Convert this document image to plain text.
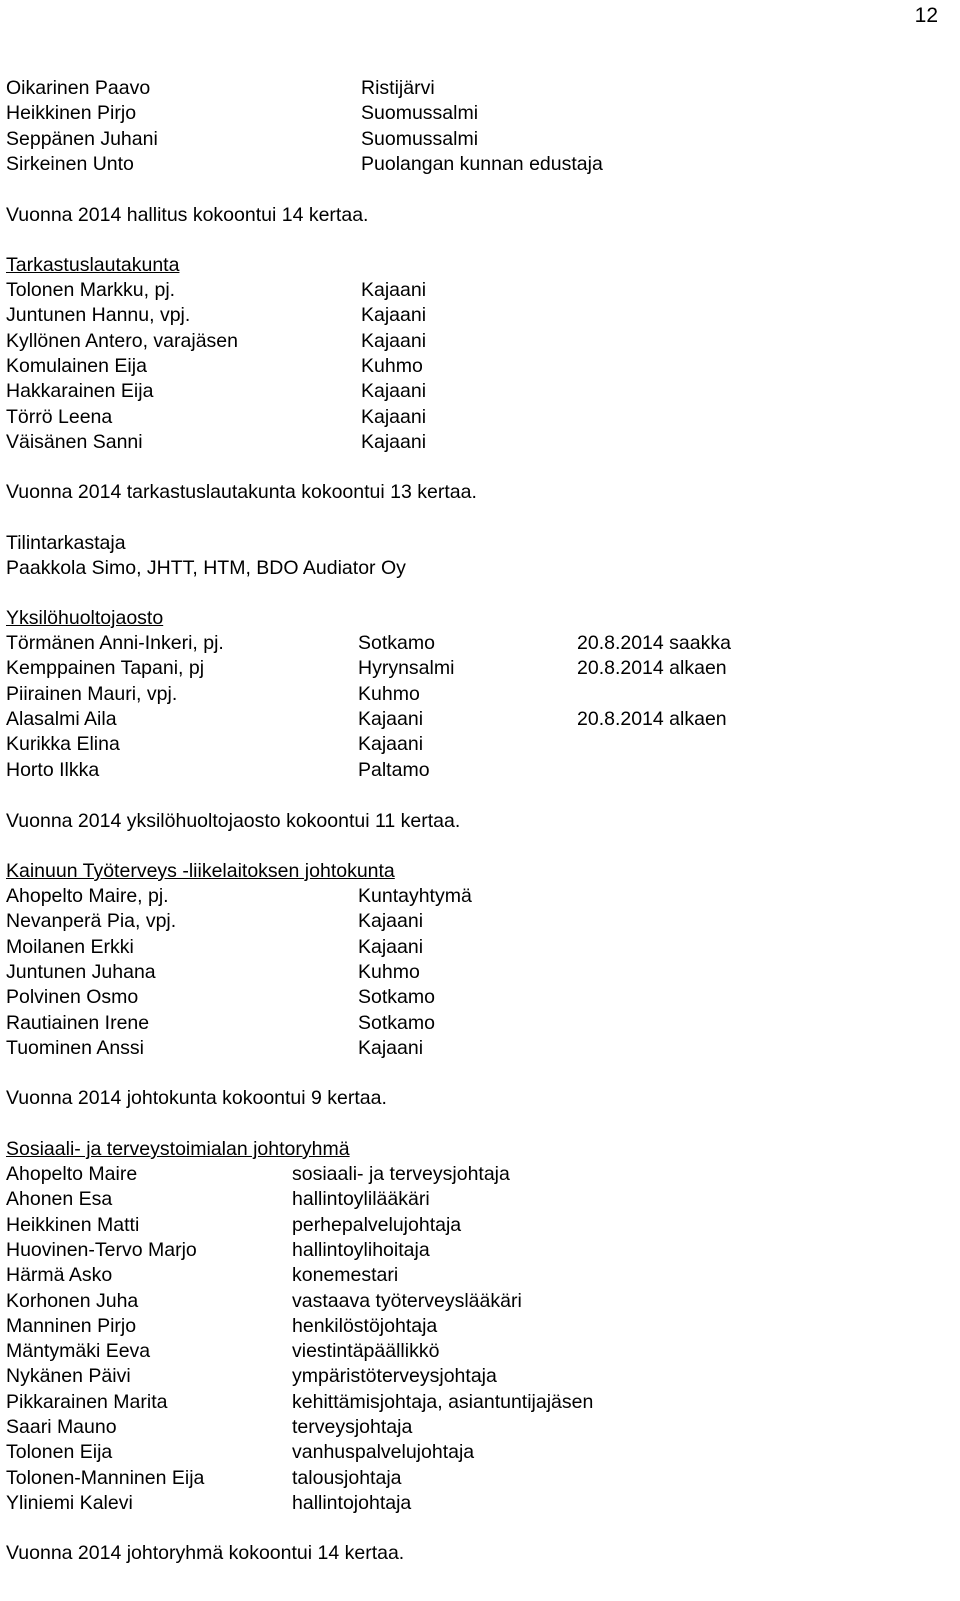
12
Oikarinen Paavo	Ristijärvi
Heikkinen Pirjo	Suomussalmi
Seppänen Juhani	Suomussalmi
Sirkeinen Unto	Puolangan kunnan edustaja
Vuonna 2014 hallitus kokoontui 14 kertaa.
Tarkastuslautakunta
Tolonen Markku, pj.	Kajaani
Juntunen Hannu, vpj.	Kajaani
Kyllönen Antero, varajäsen	Kajaani
Komulainen Eija	Kuhmo
Hakkarainen Eija	Kajaani
Törrö Leena	Kajaani
Väisänen Sanni	Kajaani
Vuonna 2014 tarkastuslautakunta kokoontui 13 kertaa.
Tilintarkastaja
Paakkola Simo, JHTT, HTM, BDO Audiator Oy
Yksilöhuoltojaosto
Törmänen Anni-Inkeri, pj.	Sotkamo	20.8.2014 saakka
Kemppainen Tapani, pj	Hyrynsalmi	20.8.2014 alkaen
Piirainen Mauri, vpj.	Kuhmo
Alasalmi Aila	Kajaani	20.8.2014 alkaen
Kurikka Elina	Kajaani
Horto Ilkka	Paltamo
Vuonna 2014 yksilöhuoltojaosto kokoontui 11 kertaa.
Kainuun Työterveys -liikelaitoksen johtokunta
Ahopelto Maire, pj.	Kuntayhtymä
Nevanperä Pia, vpj.	Kajaani
Moilanen Erkki	Kajaani
Juntunen Juhana	Kuhmo
Polvinen Osmo	Sotkamo
Rautiainen Irene	Sotkamo
Tuominen Anssi	Kajaani
Vuonna 2014 johtokunta kokoontui 9 kertaa.
Sosiaali- ja terveystoimialan johtoryhmä
Ahopelto Maire	sosiaali- ja terveysjohtaja
Ahonen Esa	hallintoylilääkäri
Heikkinen Matti	perhepalvelujohtaja
Huovinen-Tervo Marjo	hallintoylihoitaja
Härmä Asko	konemestari
Korhonen Juha	vastaava työterveyslääkäri
Manninen Pirjo	henkilöstöjohtaja
Mäntymäki Eeva	viestintäpäällikkö
Nykänen Päivi	ympäristöterveysjohtaja
Pikkarainen Marita	kehittämisjohtaja, asiantuntijajäsen
Saari Mauno	terveysjohtaja
Tolonen Eija	vanhuspalvelujohtaja
Tolonen-Manninen Eija	talousjohtaja
Yliniemi Kalevi	hallintojohtaja
Vuonna 2014 johtoryhmä kokoontui 14 kertaa.
